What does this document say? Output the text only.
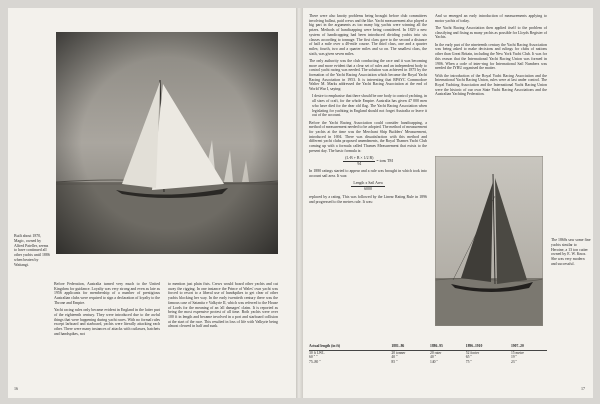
Built about 1870, Magic, owned by Alfred Pateller, seems to have continued all other yachts until 1886 when beaten by Waitangi.

Before Federation, Australia turned very much to the United Kingdom for guidance. Loyalty was very strong and even as late as 1956 applicants for membership of a number of prestigious Australian clubs were required to sign a declaration of loyalty to the Throne and Empire.

Yacht racing rules only became evident in England in the latter part of the eighteenth century. They were introduced due to the awful things that were happening during yacht races. With no formal rules except larboard and starboard, yachts were literally attacking each other. There were many instances of attacks with cutlasses, hatchets and handspikes, not

to mention just plain fists. Crews would board other yachts and cut away the rigging. In one instance the Prince of Wales' own yacht was forced to resort to a liberal use of handspikes to get clear of other yachts blocking her way. In the early twentieth century there was the famous case of Satanita v Valkyrie II, which was referred to the House of Lords for the meaning of an 'all damages' claim. It is reported as being the most expensive protest of all time. Both yachts were over 100 ft in length and became involved in a port and starboard collision at the start of the race. This resulted in loss of life with Valkyrie being almost cleaved in half and sunk.

16

There were also knotty problems being brought before club committees involving ballast, paid crews and the like. Yacht measurement also played a big part in the arguments as too many big yachts were winning all the prizes. Methods of handicapping were being considered. In 1829 a new system of handicapping had been introduced dividing yachts into six classes according to tonnage. The first class gave to the second a distance of half a mile over a 40-mile course. The third class, one and a quarter miles; fourth, two and a quarter miles and so on. The smallest class, the sixth, was given seven miles.

The only authority was the club conducting the race and it was becoming more and more evident that a clear set of rules and an independent body to control yacht racing was needed. The solution was achieved in 1875 by the formation of the Yacht Racing Association which became the Royal Yacht Racing Association in 1953. It is interesting that RPAYC Commodore Walter M. Marks addressed the Yacht Racing Association at the end of World War I, saying:

I desire to emphasise that there should be one body to control yachting, in all sizes of craft, for the whole Empire. Australia has given 47 000 men who have died for the dear old flag. The Yacht Racing Association when legislating for yachting in England should not forget Australia or leave it out of the account.

Before the Yacht Racing Association could consider handicapping, a method of measurement needed to be adopted. The method of measurement for yachts at the time was the Merchant Ship Builders' Measurement, introduced in 1694. There was dissatisfaction with this method and different yacht clubs proposed amendments, the Royal Thames Yacht Club coming up with a formula called Thames Measurement that exists to the present day. The basic formula is:

$\frac{(L-B + B \times 1/2 B)}{94}$ = tons TM

In 1880 ratings started to appear and a rule was brought in which took into account sail area. It was:

$\frac{\text{Length x Sail Area}}{6000}$

replaced by a rating. This was followed by the Linear Rating Rule in 1896 and progressed to the metres rule. It was:

And so emerged an early introduction of measurements applying to motor yachts of today.

The Yacht Racing Association then applied itself to the problem of classifying and fixing as many yachts as possible for Lloyds Register of Yachts.

In the early part of the nineteenth century the Yacht Racing Association was being asked to make decisions and rulings for clubs of nations other than Great Britain, including the New York Yacht Club. It was for this reason that the International Yacht Racing Union was formed in 1906. When a code of inter-ring for International Sail Numbers was needed the IYRU organised the matter.

With the introduction of the Royal Yacht Racing Association and the International Yacht Racing Union, rules were at last under control. The Royal Yachting Association and the International Yacht Racing Union were the historic of our own State Yacht Racing Associations and the Australian Yachting Federation.

The 1860s saw some fine yachts similar to Heroine, a 13 ton cutter owned by E. W. Knox. She was very modern and successful.
Actual length (in ft)	1881–86	1886–95	1896–1910	1907–20
30 ft LWL	20 tonner	20 rater	52 footer	15 metre
60 " "	40 "	40 "	65 "	19 "
75–80 "	85 "	140 "	75 "	23 "
17
